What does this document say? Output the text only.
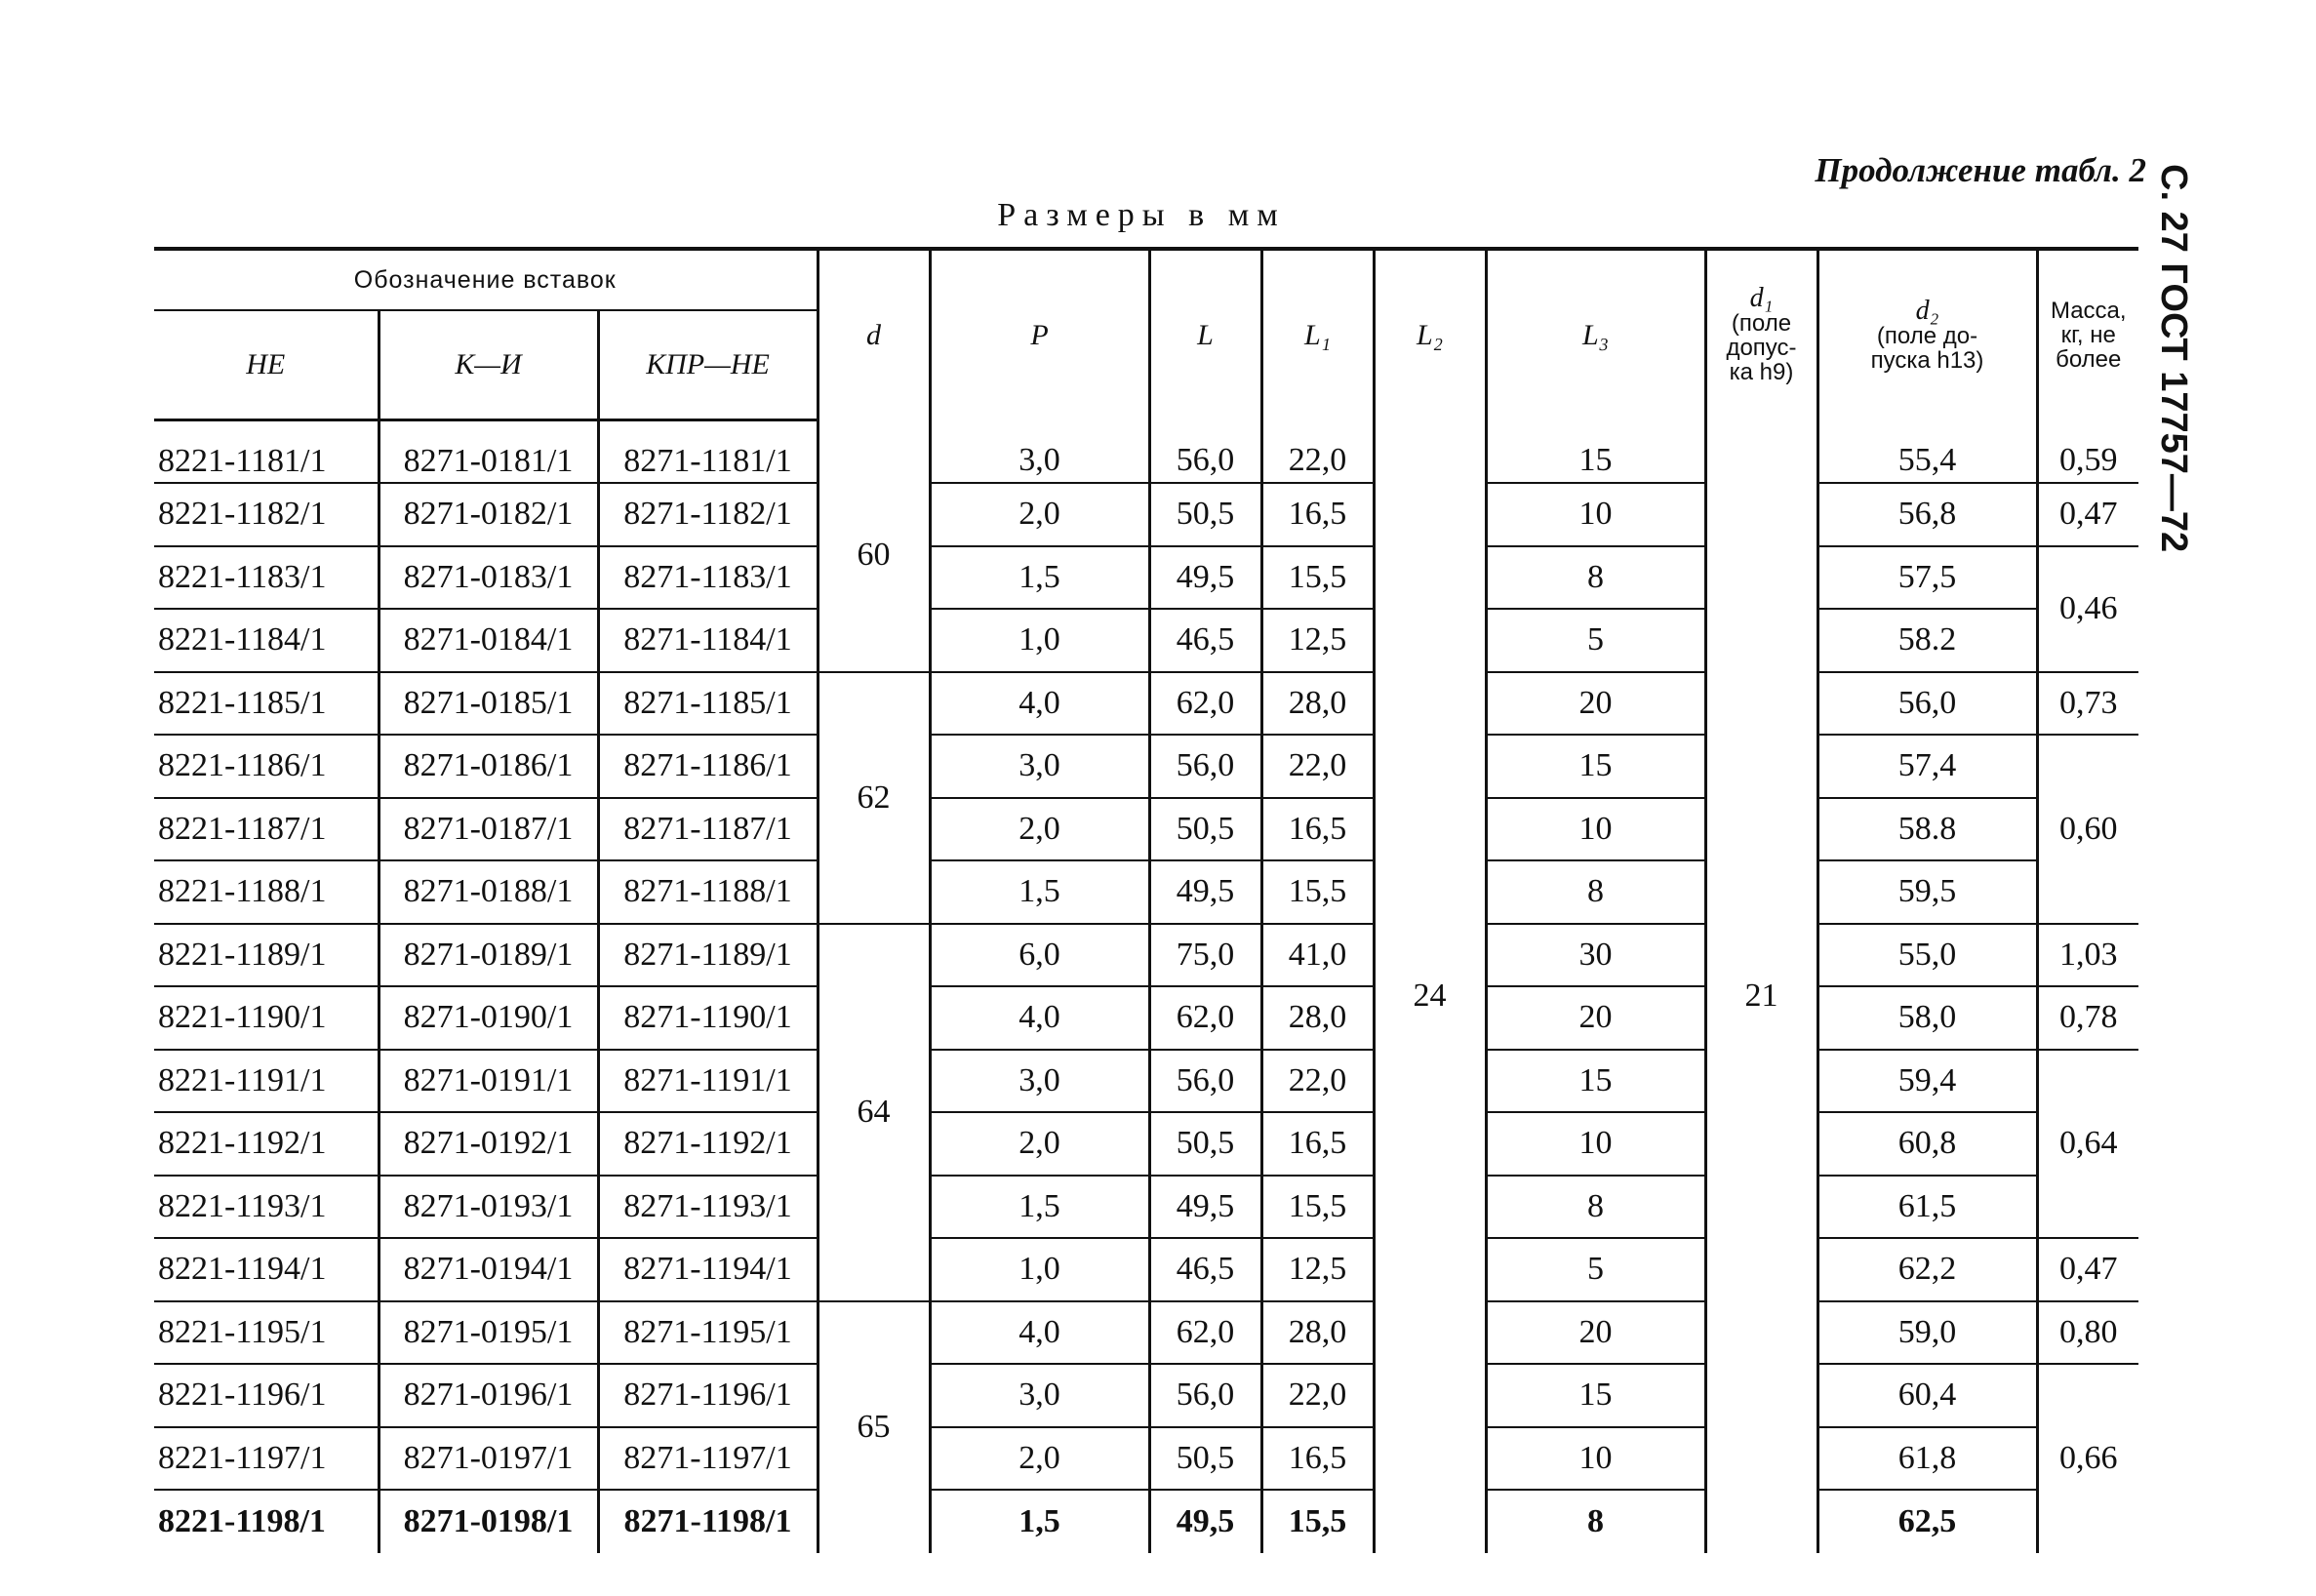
Продолжение табл. 2
Размеры в мм	С. 27 ГОСТ 17757—72
Обозначение вставок			d	P	L	L₁	L₂	L₃	d₁
(поле
допус-
ка h9)	d₂
(поле до-
пуска h13)	Масса,
кг, не
более
НЕ	К—И	КПР—НЕ									
8221-1181/1	8271-0181/1	8271-1181/1	60	3,0	56,0	22,0	24	15	21	55,4	0,59
8221-1182/1	8271-0182/1	8271-1182/1		2,0	50,5	16,5		10		56,8	0,47
8221-1183/1	8271-0183/1	8271-1183/1		1,5	49,5	15,5		8		57,5	0,46
8221-1184/1	8271-0184/1	8271-1184/1		1,0	46,5	12,5		5		58.2	
8221-1185/1	8271-0185/1	8271-1185/1	62	4,0	62,0	28,0		20		56,0	0,73
8221-1186/1	8271-0186/1	8271-1186/1		3,0	56,0	22,0		15		57,4	0,60
8221-1187/1	8271-0187/1	8271-1187/1		2,0	50,5	16,5		10		58.8	
8221-1188/1	8271-0188/1	8271-1188/1		1,5	49,5	15,5		8		59,5	
8221-1189/1	8271-0189/1	8271-1189/1	64	6,0	75,0	41,0		30		55,0	1,03
8221-1190/1	8271-0190/1	8271-1190/1		4,0	62,0	28,0		20		58,0	0,78
8221-1191/1	8271-0191/1	8271-1191/1		3,0	56,0	22,0		15		59,4	0,64
8221-1192/1	8271-0192/1	8271-1192/1		2,0	50,5	16,5		10		60,8	
8221-1193/1	8271-0193/1	8271-1193/1		1,5	49,5	15,5		8		61,5	
8221-1194/1	8271-0194/1	8271-1194/1		1,0	46,5	12,5		5		62,2	0,47
8221-1195/1	8271-0195/1	8271-1195/1	65	4,0	62,0	28,0		20		59,0	0,80
8221-1196/1	8271-0196/1	8271-1196/1		3,0	56,0	22,0		15		60,4	0,66
8221-1197/1	8271-0197/1	8271-1197/1		2,0	50,5	16,5		10		61,8	
8221-1198/1	8271-0198/1	8271-1198/1		1,5	49,5	15,5		8		62,5	
